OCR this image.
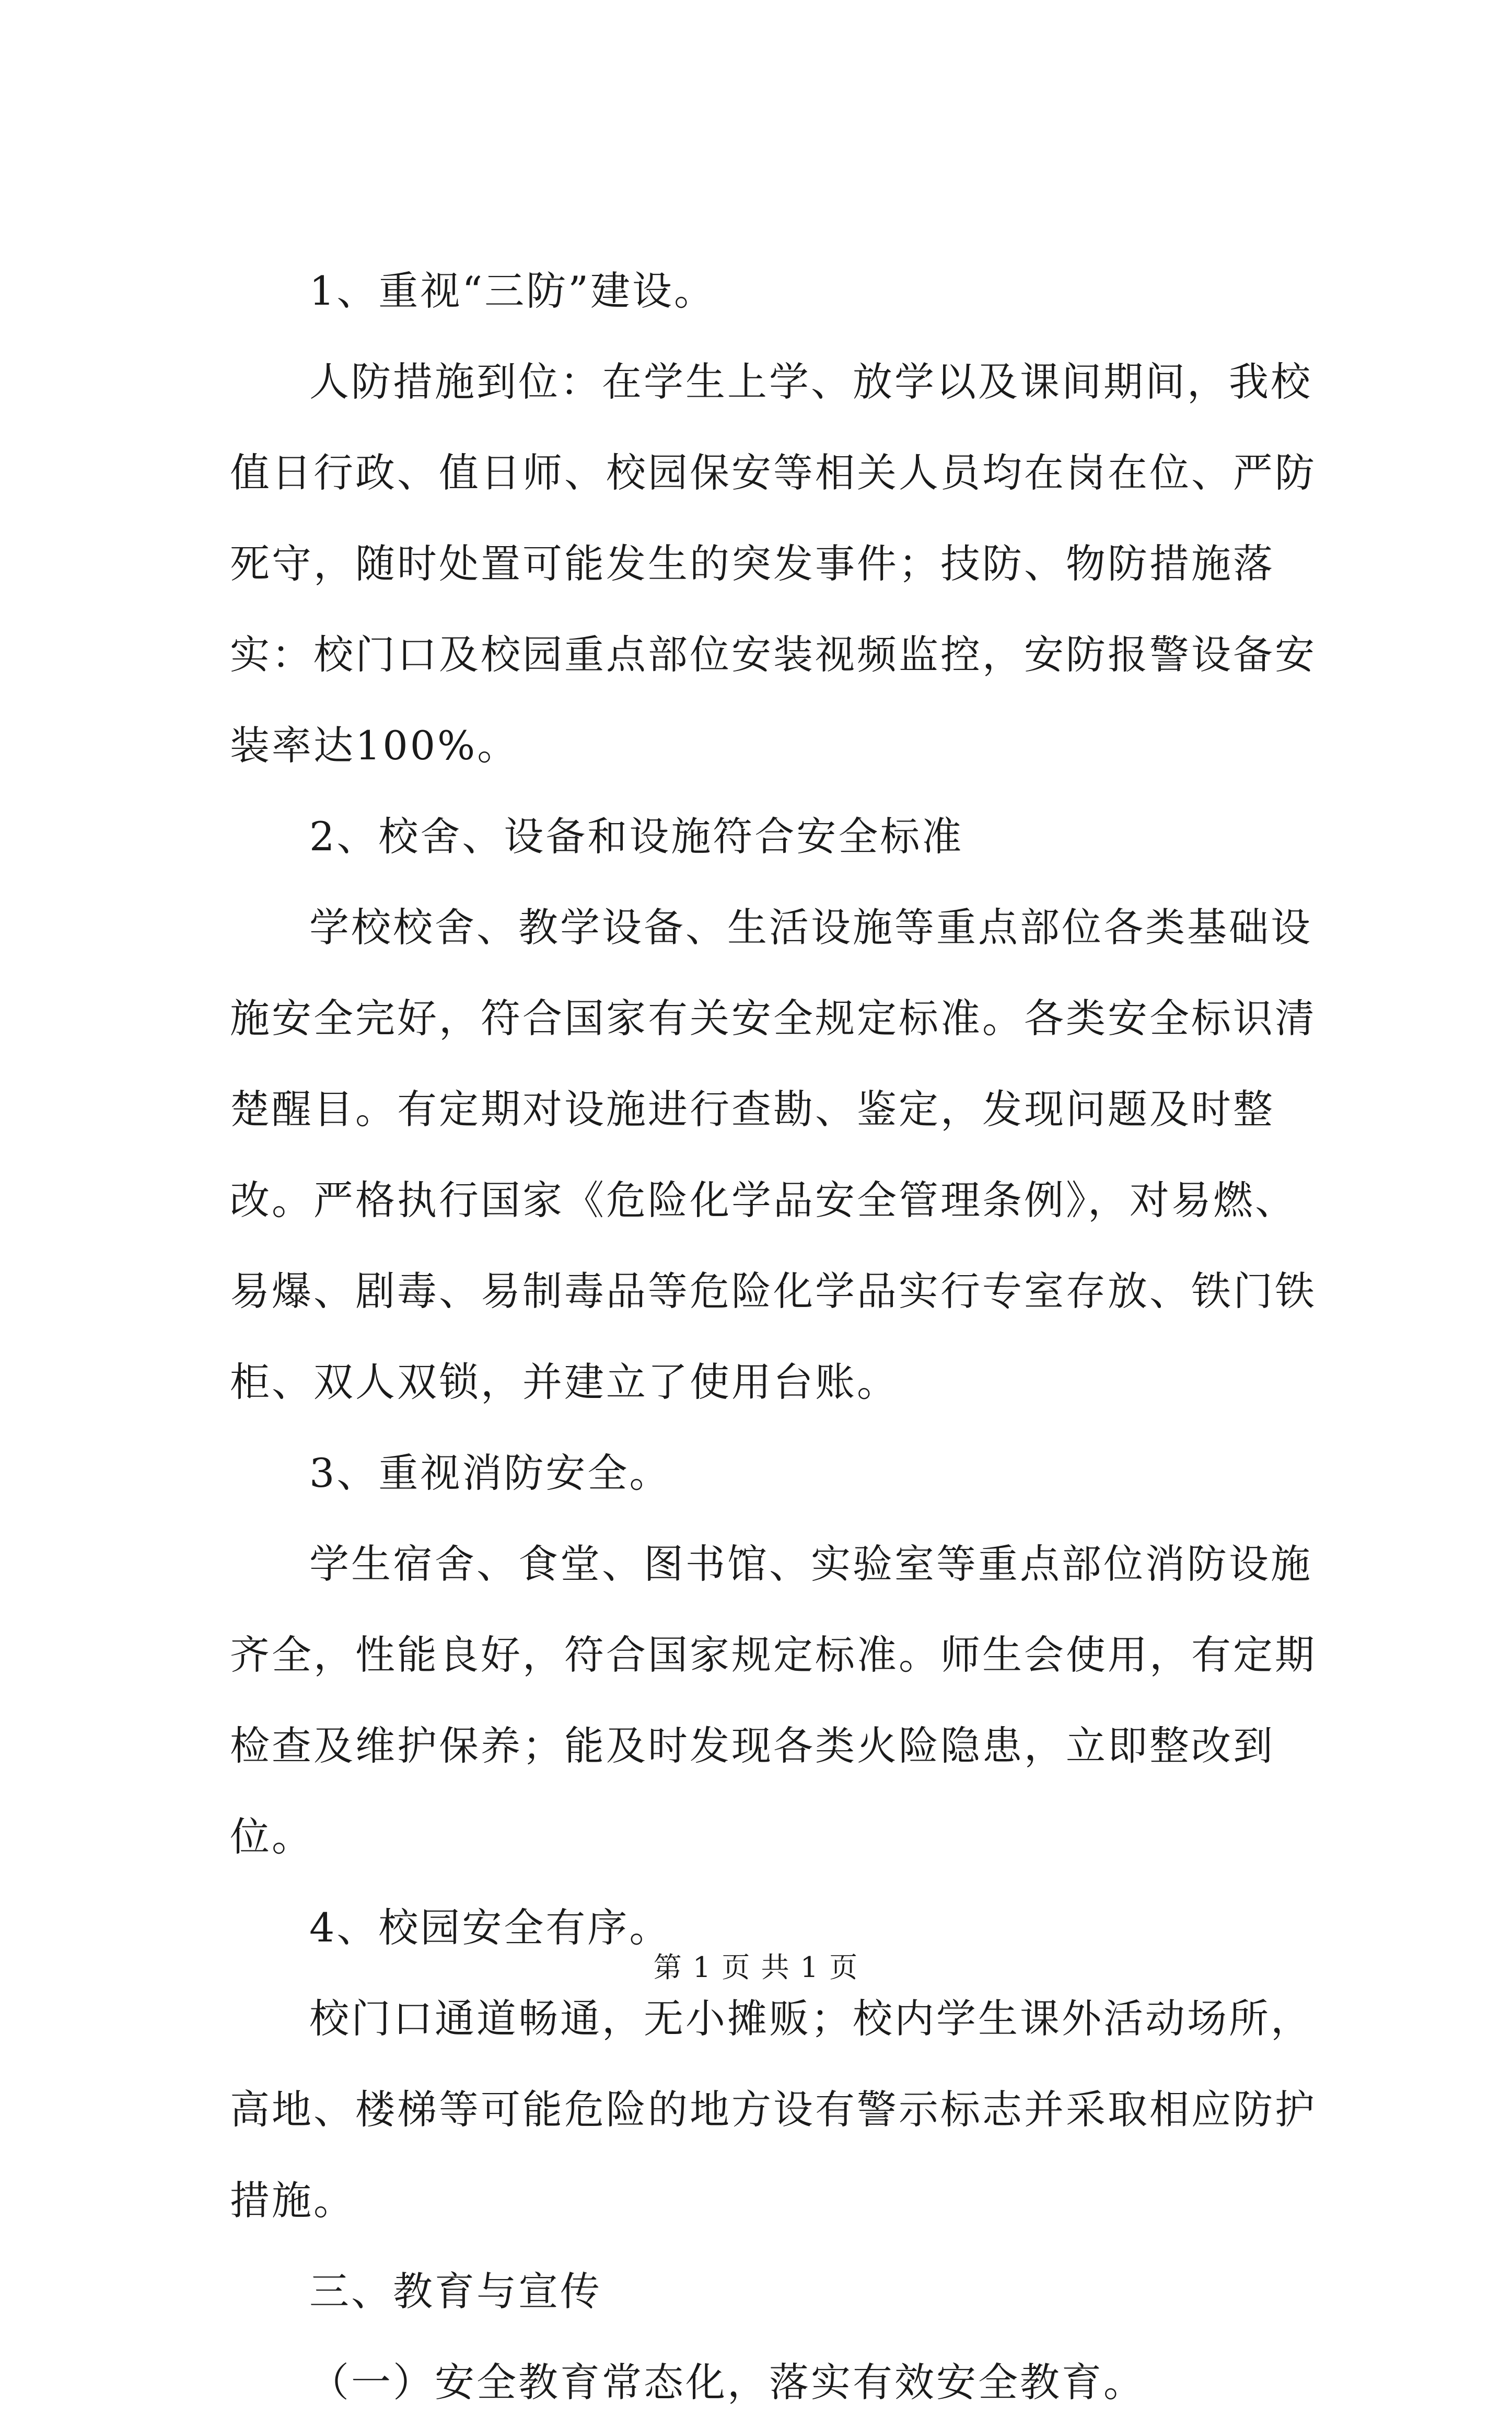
1、重视“三防”建设。

人防措施到位：在学生上学、放学以及课间期间，我校值日行政、值日师、校园保安等相关人员均在岗在位、严防死守，随时处置可能发生的突发事件；技防、物防措施落实：校门口及校园重点部位安装视频监控，安防报警设备安装率达100%。

2、校舍、设备和设施符合安全标准

学校校舍、教学设备、生活设施等重点部位各类基础设施安全完好，符合国家有关安全规定标准。各类安全标识清楚醒目。有定期对设施进行查勘、鉴定，发现问题及时整改。严格执行国家《危险化学品安全管理条例》，对易燃、易爆、剧毒、易制毒品等危险化学品实行专室存放、铁门铁柜、双人双锁，并建立了使用台账。

3、重视消防安全。

学生宿舍、食堂、图书馆、实验室等重点部位消防设施齐全，性能良好，符合国家规定标准。师生会使用，有定期检查及维护保养；能及时发现各类火险隐患，立即整改到位。

4、校园安全有序。

校门口通道畅通，无小摊贩；校内学生课外活动场所，高地、楼梯等可能危险的地方设有警示标志并采取相应防护措施。

三、教育与宣传

（一）安全教育常态化，落实有效安全教育。

第 1 页 共 1 页
